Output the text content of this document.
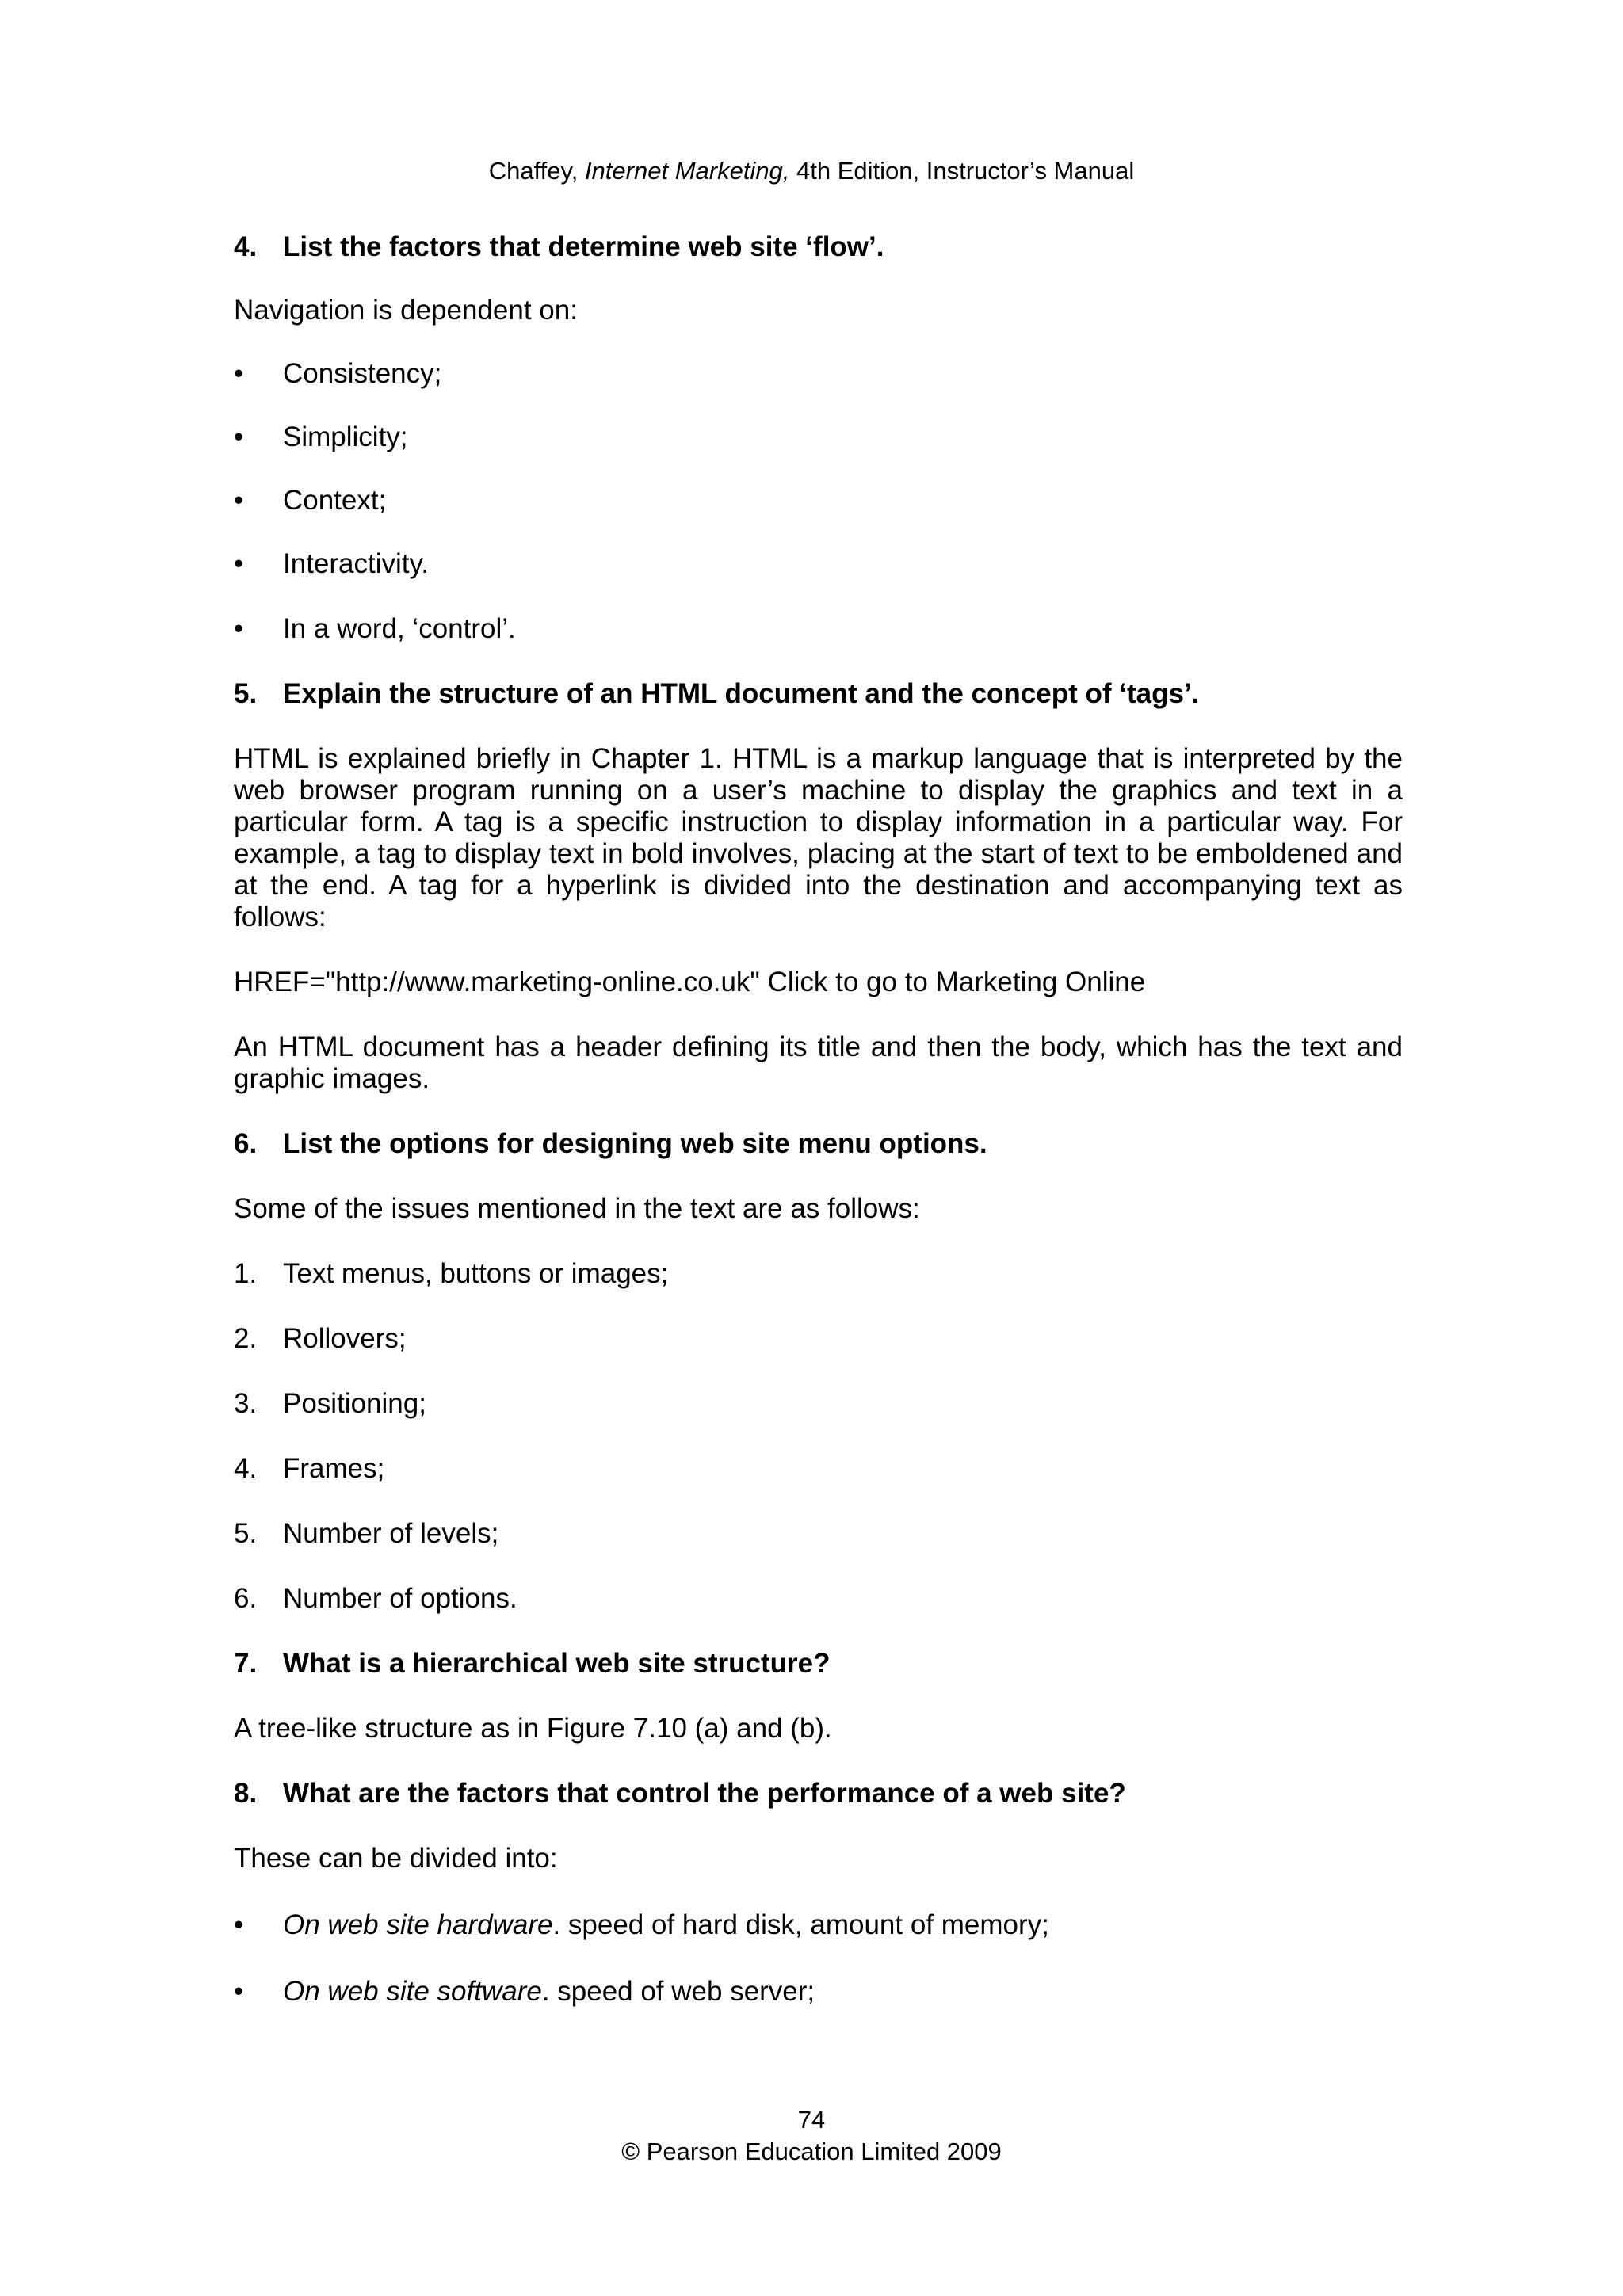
Chaffey, Internet Marketing, 4th Edition, Instructor’s Manual
4. List the factors that determine web site ‘flow’.

Navigation is dependent on:

•	Consistency;
•	Simplicity;
•	Context;
•	Interactivity.
•	In a word, ‘control’.
5. Explain the structure of an HTML document and the concept of ‘tags’.

HTML is explained briefly in Chapter 1. HTML is a markup language that is interpreted by the web browser program running on a user’s machine to display the graphics and text in a particular form. A tag is a specific instruction to display information in a particular way. For example, a tag to display text in bold involves, placing at the start of text to be emboldened and at the end. A tag for a hyperlink is divided into the destination and accompanying text as follows:

HREF="http://www.marketing-online.co.uk" Click to go to Marketing Online

An HTML document has a header defining its title and then the body, which has the text and graphic images.

6. List the options for designing web site menu options.

Some of the issues mentioned in the text are as follows:

1. Text menus, buttons or images;
2. Rollovers;
3. Positioning;
4. Frames;
5. Number of levels;
6. Number of options.
7. What is a hierarchical web site structure?

A tree-like structure as in Figure 7.10 (a) and (b).

8. What are the factors that control the performance of a web site?

These can be divided into:

•	On web site hardware. speed of hard disk, amount of memory;
•	On web site software. speed of web server;
74
© Pearson Education Limited 2009
